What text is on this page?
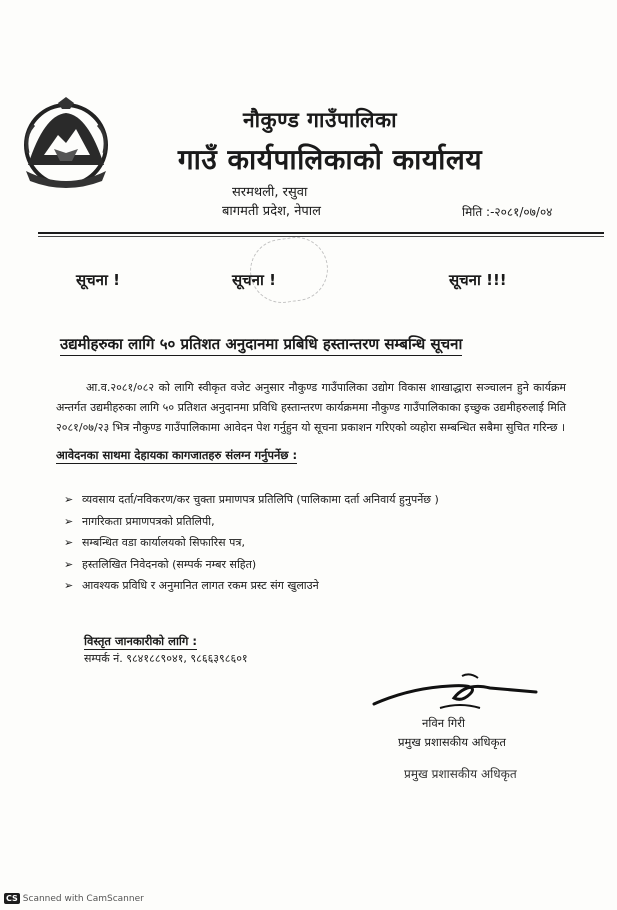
नौकुण्ड गाउँपालिका
गाउँ कार्यपालिकाको कार्यालय
सरमथली, रसुवा
बागमती प्रदेश, नेपाल	मिति :-२०८१/०७/०४
सूचना !	सूचना !	सूचना !!!
उद्यमीहरुका लागि ५० प्रतिशत अनुदानमा प्रबिधि हस्तान्तरण सम्बन्धि सूचना
आ.व.२०८१/०८२ को लागि स्वीकृत वजेट अनुसार नौकुण्ड गाउँपालिका उद्योग विकास शाखाद्धारा सञ्चालन हुने कार्यक्रम अन्तर्गत उद्यमीहरुका लागि ५० प्रतिशत अनुदानमा प्रविधि हस्तान्तरण कार्यक्रममा नौकुण्ड गाउँपालिकाका इच्छुक उद्यमीहरुलाई मिति २०८१/०७/२३ भित्र नौकुण्ड गाउँपालिकामा आवेदन पेश गर्नुहुन यो सूचना प्रकाशन गरिएको व्यहोरा सम्बन्धित सबैमा सुचित गरिन्छ ।
आवेदनका साथमा देहायका कागजातहरु संलग्न गर्नुपर्नेछ :
➢ व्यवसाय दर्ता/नविकरण/कर चुक्ता प्रमाणपत्र प्रतिलिपि (पालिकामा दर्ता अनिवार्य हुनुपर्नेछ )
➢ नागरिकता प्रमाणपत्रको प्रतिलिपी,
➢ सम्बन्धित वडा कार्यालयको सिफारिस पत्र,
➢ हस्तलिखित निवेदनको (सम्पर्क नम्बर सहित)
➢ आवश्यक प्रविधि र अनुमानित लागत रकम प्रस्ट संग खुलाउने
विस्तृत जानकारीको लागि :
सम्पर्क नं. ९८४१८८९०४१, ९८६६३९८६०१
नविन गिरी
प्रमुख प्रशासकीय अधिकृत
प्रमुख प्रशासकीय अधिकृत
CS Scanned with CamScanner
